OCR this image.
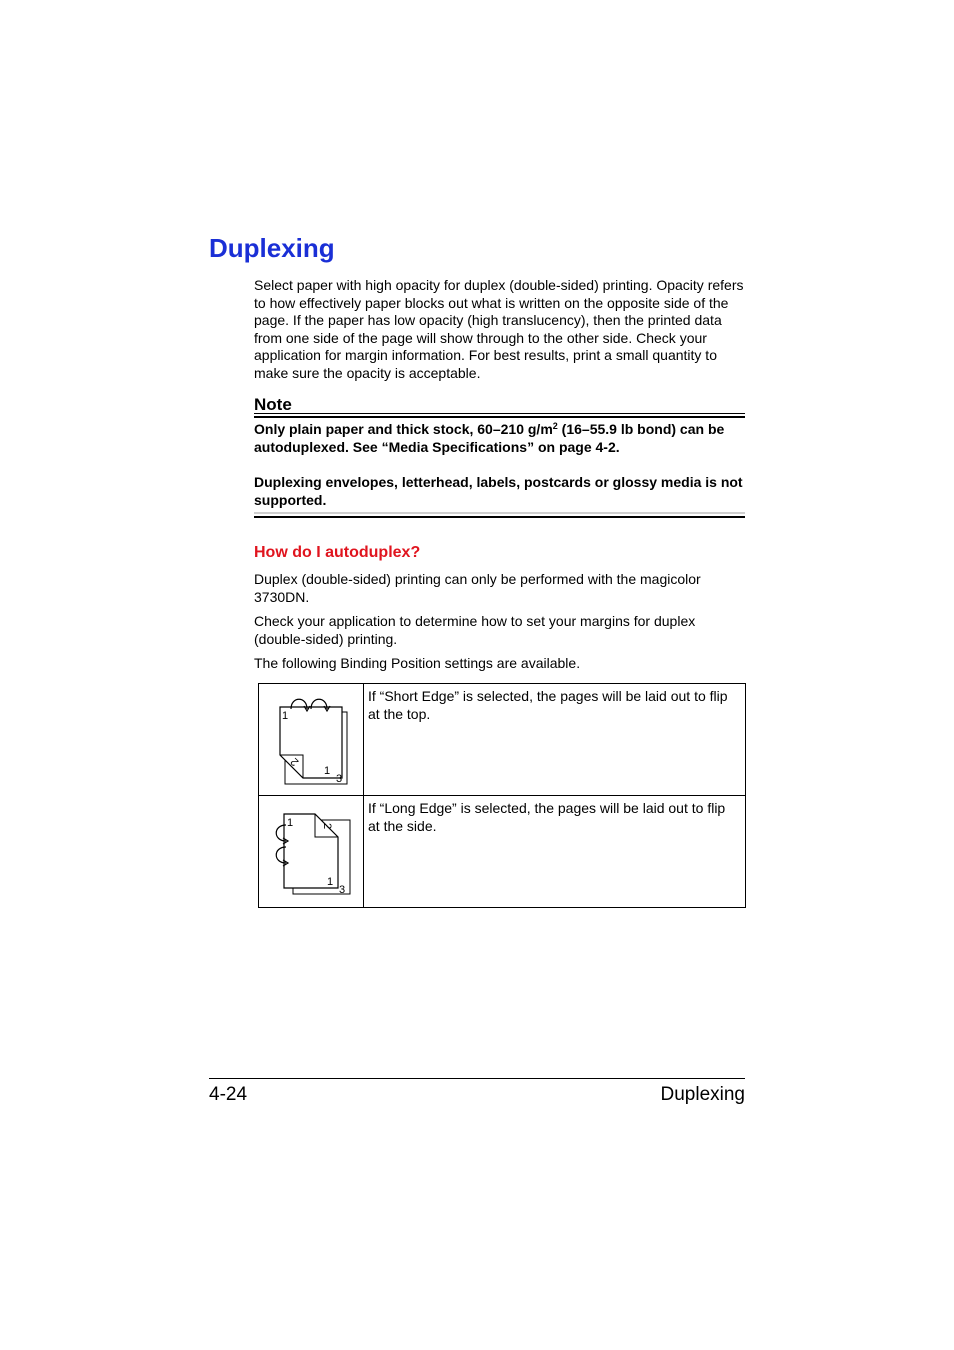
Duplexing

Select paper with high opacity for duplex (double-sided) printing. Opacity refers to how effectively paper blocks out what is written on the opposite side of the page. If the paper has low opacity (high translucency), then the printed data from one side of the page will show through to the other side. Check your application for margin information. For best results, print a small quantity to make sure the opacity is acceptable.

Note

Only plain paper and thick stock, 60–210 $g/m^2$ (16–55.9 lb bond) can be autoduplexed. See “Media Specifications” on page 4-2.

Duplexing envelopes, letterhead, labels, postcards or glossy media is not supported.

How do I autoduplex?

Duplex (double-sided) printing can only be performed with the magicolor 3730DN.

Check your application to determine how to set your margins for duplex (double-sided) printing.

The following Binding Position settings are available.

1
2
1
3	If “Short Edge” is selected, the pages will be laid out to flip at the top.

1 2
1
3	If “Long Edge” is selected, the pages will be laid out to flip at the side.

4-24	Duplexing
